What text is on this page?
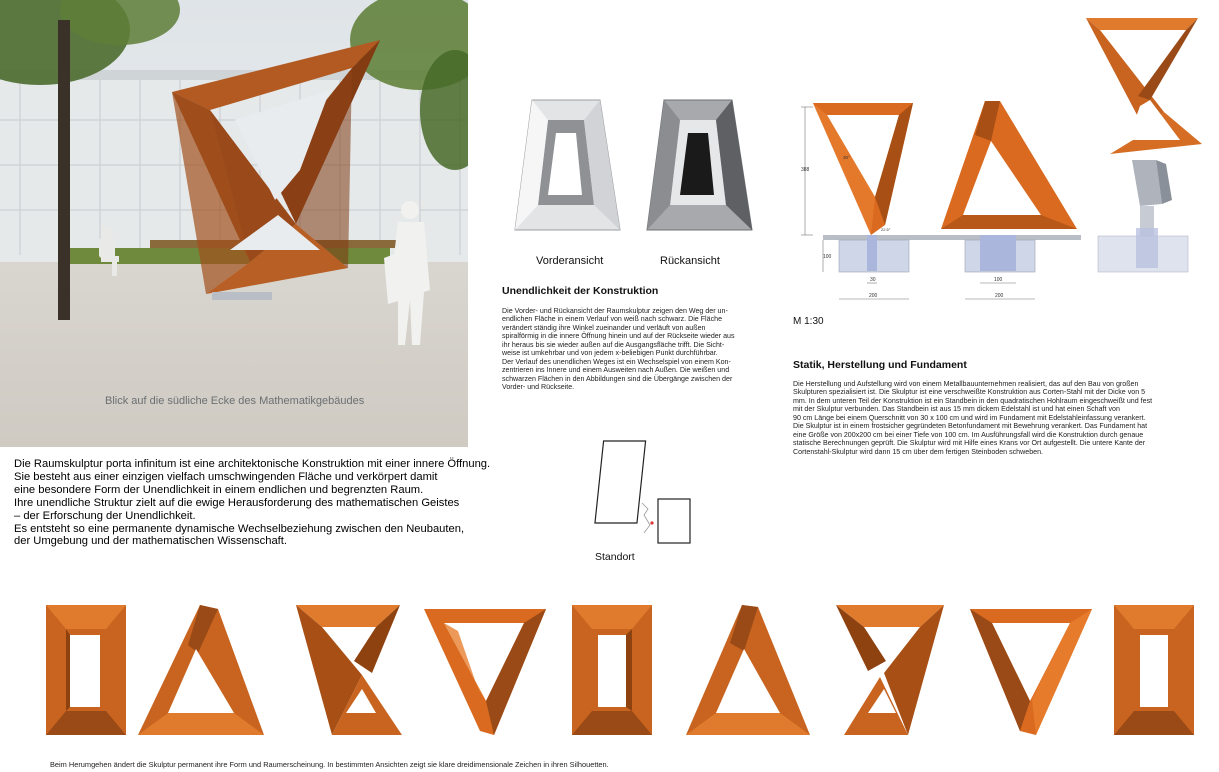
Blick auf die südliche Ecke des Mathematikgebäudes
Die Raumskulptur porta infinitum ist eine architektonische Konstruktion mit einer innere Öffnung.
Sie besteht aus einer einzigen vielfach umschwingenden Fläche und verkörpert damit
eine besondere Form der Unendlichkeit in einem endlichen und begrenzten Raum.
Ihre unendliche Struktur zielt auf die ewige Herausforderung des mathematischen Geistes
– der Erforschung der Unendlichkeit.
Es entsteht so eine permanente dynamische Wechselbeziehung zwischen den Neubauten,
der Umgebung und der mathematischen Wissenschaft.
Vorderansicht	Rückansicht
Unendlichkeit der Konstruktion
Die Vorder- und Rückansicht der Raumskulptur zeigen den Weg der un-
endlichen Fläche in einem Verlauf von weiß nach schwarz. Die Fläche
verändert ständig ihre Winkel zueinander und verläuft von außen
spiralförmig in die innere Öffnung hinein und auf der Rückseite wieder aus
ihr heraus bis sie wieder außen auf die Ausgangsfläche trifft. Die Sicht-
weise ist umkehrbar und von jedem x-beliebigen Punkt durchführbar.
Der Verlauf des unendlichen Weges ist ein Wechselspiel von einem Kon-
zentrieren ins Innere und einem Ausweiten nach Außen. Die weißen und
schwarzen Flächen in den Abbildungen sind die Übergänge zwischen der
Vorder- und Rückseite.
Standort
388
30°
22.5°
100
30
200
100
200
M 1:30
Statik, Herstellung und Fundament
Die Herstellung und Aufstellung wird von einem Metallbauunternehmen realisiert, das auf den Bau von großen
Skulpturen spezialisiert ist. Die Skulptur ist eine verschweißte Konstruktion aus Corten-Stahl mit der Dicke von 5
mm. In dem unteren Teil der Konstruktion ist ein Standbein in den quadratischen Hohlraum eingeschweißt und fest
mit der Skulptur verbunden. Das Standbein ist aus 15 mm dickem Edelstahl ist und hat einen Schaft von
90 cm Länge bei einem Querschnitt von 30 x 100 cm und wird im Fundament mit Edelstahleinfassung verankert.
Die Skulptur ist in einem frostsicher gegründeten Betonfundament mit Bewehrung verankert. Das Fundament hat
eine Größe von 200x200 cm bei einer Tiefe von 100 cm. Im Ausführungsfall wird die Konstruktion durch genaue
statische Berechnungen geprüft. Die Skulptur wird mit Hilfe eines Krans vor Ort aufgestellt. Die untere Kante der
Cortenstahl-Skulptur wird dann 15 cm über dem fertigen Steinboden schweben.
Beim Herumgehen ändert die Skulptur permanent ihre Form und Raumerscheinung. In bestimmten Ansichten zeigt sie klare dreidimensionale Zeichen in ihren Silhouetten.
